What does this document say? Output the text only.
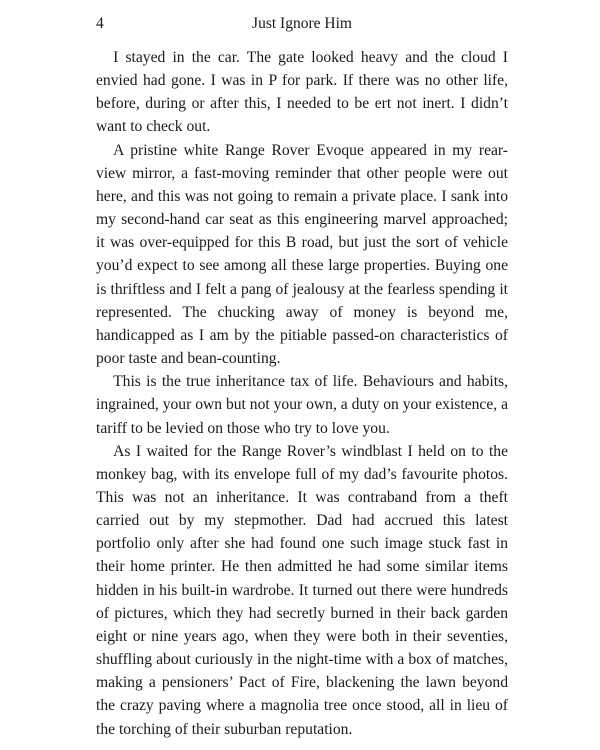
4	Just Ignore Him

I stayed in the car. The gate looked heavy and the cloud I envied had gone. I was in P for park. If there was no other life, before, during or after this, I needed to be ert not inert. I didn’t want to check out.

A pristine white Range Rover Evoque appeared in my rear-view mirror, a fast-moving reminder that other people were out here, and this was not going to remain a private place. I sank into my second-hand car seat as this engineering marvel approached; it was over-equipped for this B road, but just the sort of vehicle you’d expect to see among all these large properties. Buying one is thriftless and I felt a pang of jealousy at the fearless spending it represented. The chucking away of money is beyond me, handicapped as I am by the pitiable passed-on characteristics of poor taste and bean-counting.

This is the true inheritance tax of life. Behaviours and habits, ingrained, your own but not your own, a duty on your existence, a tariff to be levied on those who try to love you.

As I waited for the Range Rover’s windblast I held on to the monkey bag, with its envelope full of my dad’s favourite photos. This was not an inheritance. It was contraband from a theft carried out by my stepmother. Dad had accrued this latest portfolio only after she had found one such image stuck fast in their home printer. He then admitted he had some similar items hidden in his built-in wardrobe. It turned out there were hundreds of pictures, which they had secretly burned in their back garden eight or nine years ago, when they were both in their seventies, shuffling about curiously in the night-time with a box of matches, making a pensioners’ Pact of Fire, blackening the lawn beyond the crazy paving where a magnolia tree once stood, all in lieu of the torching of their suburban reputation.
